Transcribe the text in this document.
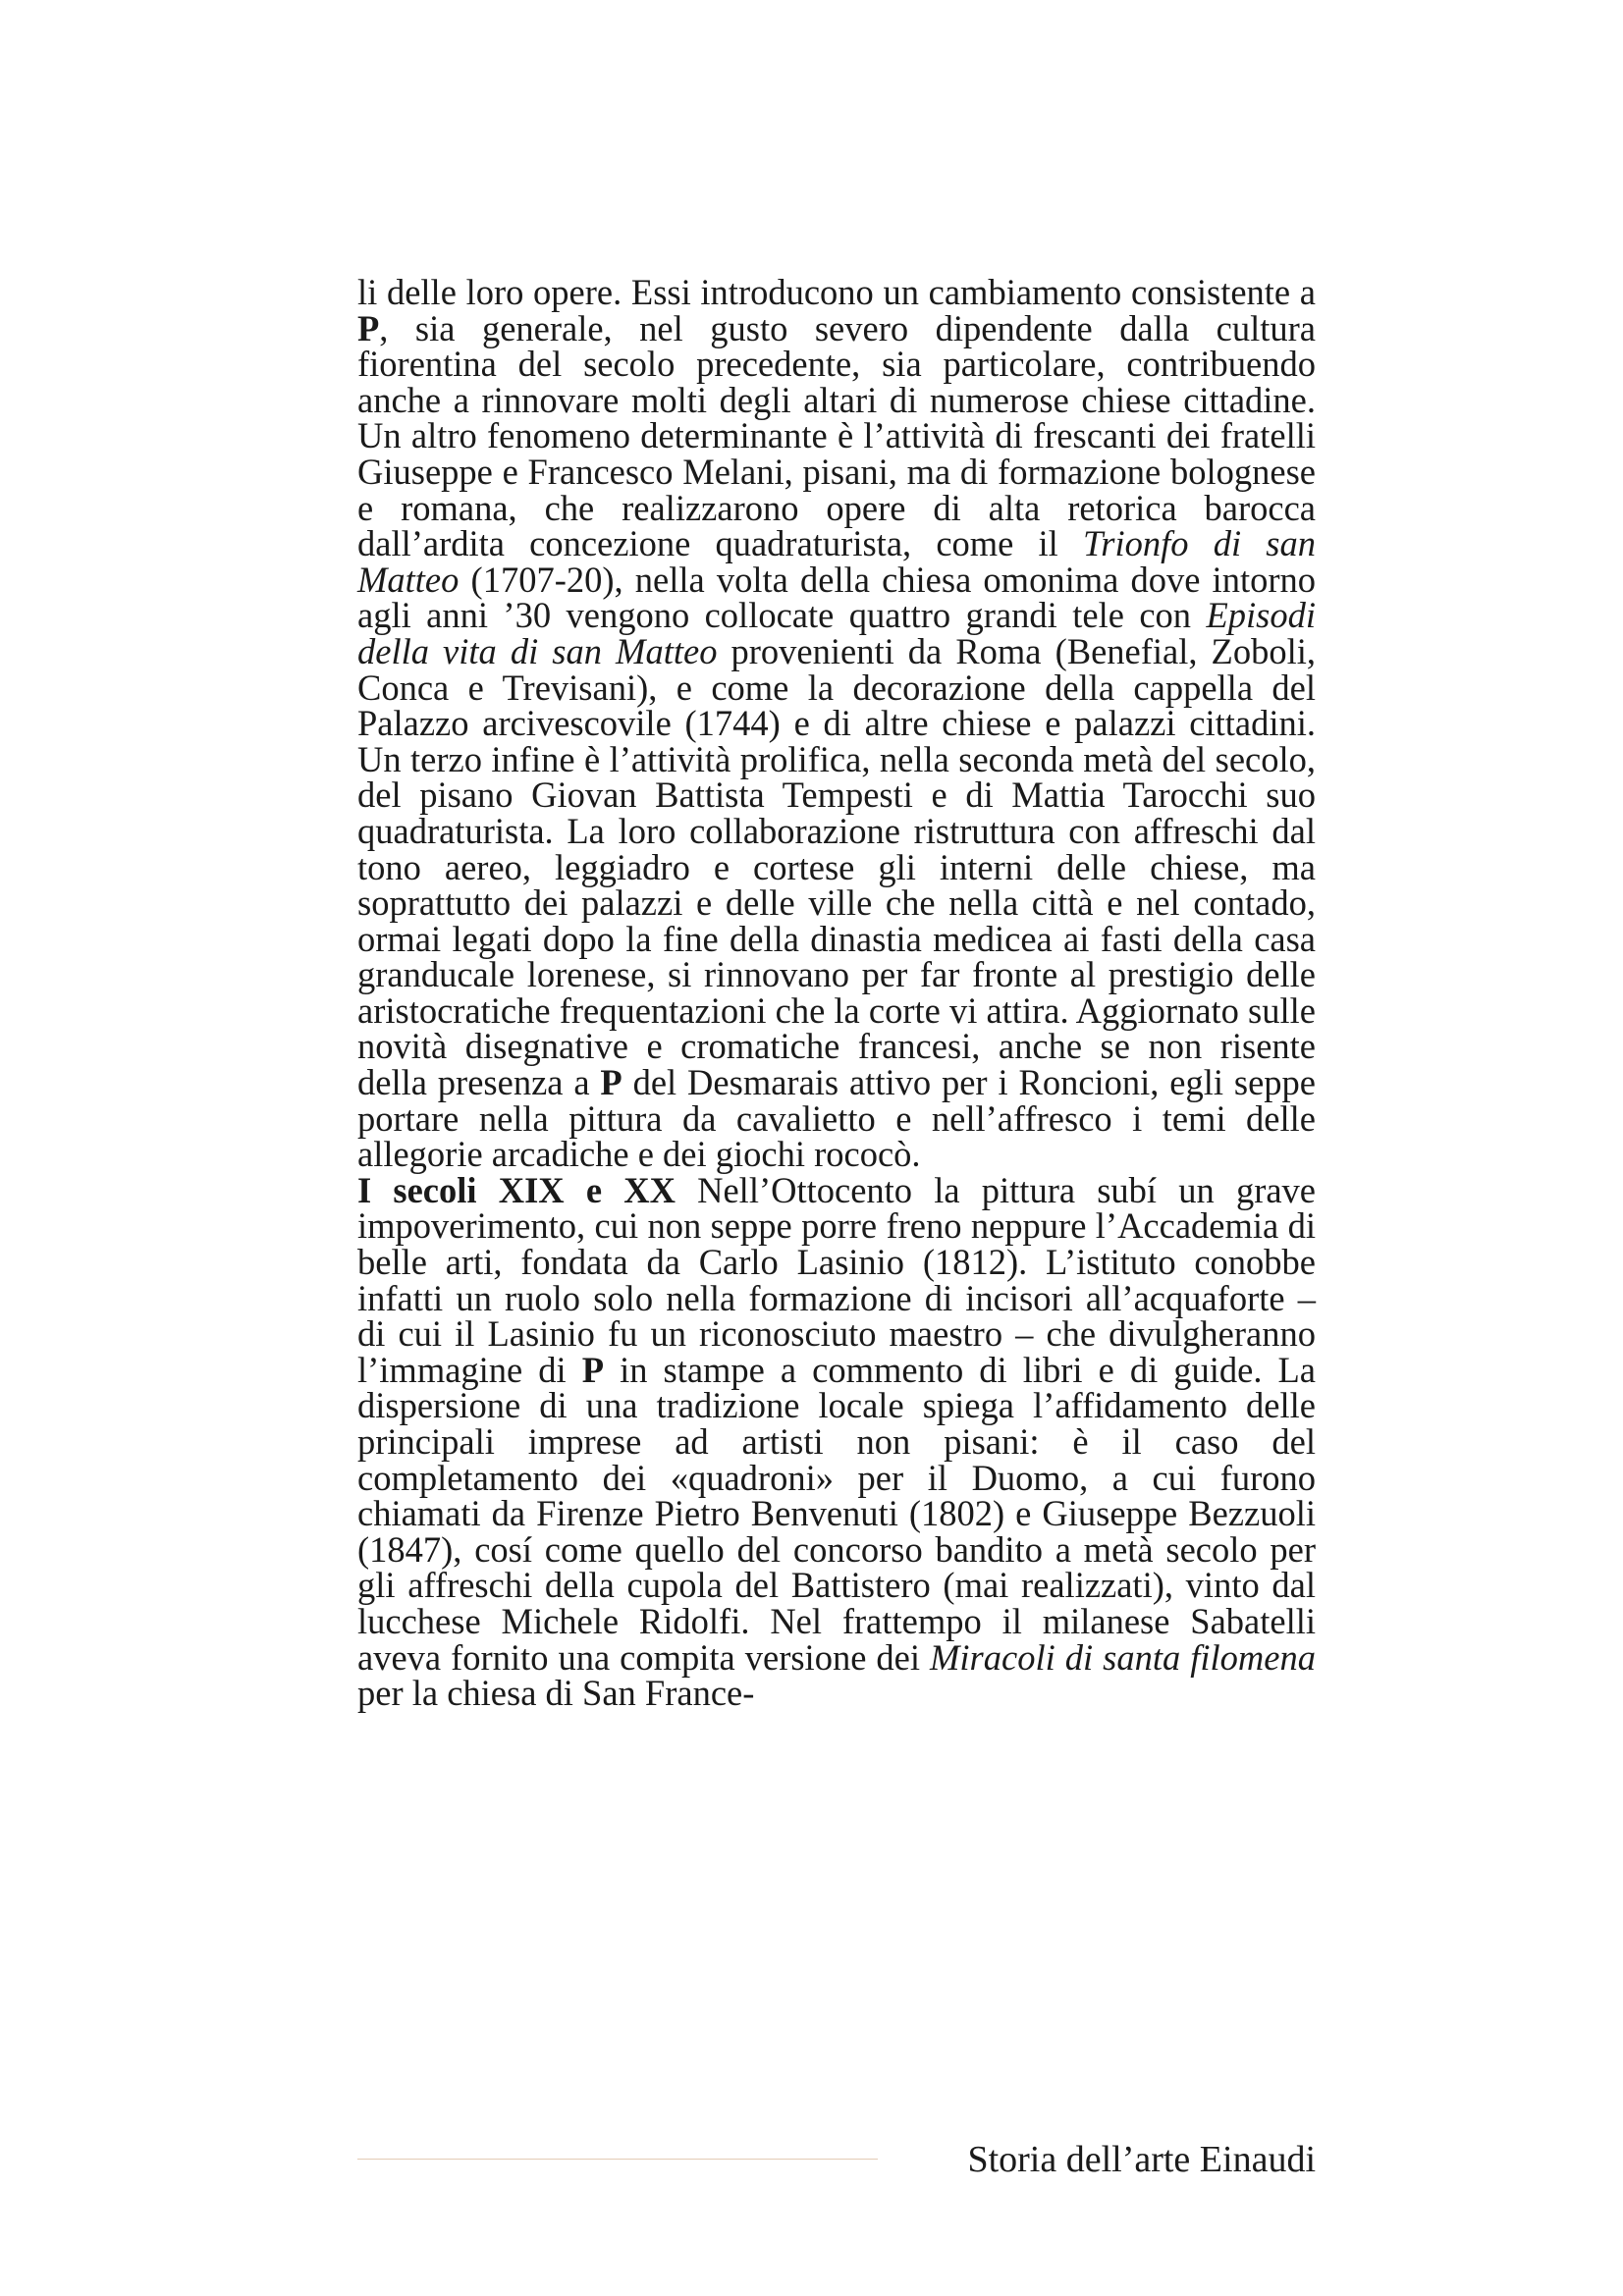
li delle loro opere. Essi introducono un cambiamento consistente a P, sia generale, nel gusto severo dipendente dalla cultura fiorentina del secolo precedente, sia particolare, contribuendo anche a rinnovare molti degli altari di numerose chiese cittadine. Un altro fenomeno determinante è l’attività di frescanti dei fratelli Giuseppe e Francesco Melani, pisani, ma di formazione bolognese e romana, che realizzarono opere di alta retorica barocca dall’ardita concezione quadraturista, come il Trionfo di san Matteo (1707-20), nella volta della chiesa omonima dove intorno agli anni ’30 vengono collocate quattro grandi tele con Episodi della vita di san Matteo provenienti da Roma (Benefial, Zoboli, Conca e Trevisani), e come la decorazione della cappella del Palazzo arcivescovile (1744) e di altre chiese e palazzi cittadini. Un terzo infine è l’attività prolifica, nella seconda metà del secolo, del pisano Giovan Battista Tempesti e di Mattia Tarocchi suo quadraturista. La loro collaborazione ristruttura con affreschi dal tono aereo, leggiadro e cortese gli interni delle chiese, ma soprattutto dei palazzi e delle ville che nella città e nel contado, ormai legati dopo la fine della dinastia medicea ai fasti della casa granducale lorenese, si rinnovano per far fronte al prestigio delle aristocratiche frequentazioni che la corte vi attira. Aggiornato sulle novità disegnative e cromatiche francesi, anche se non risente della presenza a P del Desmarais attivo per i Roncioni, egli seppe portare nella pittura da cavalietto e nell’affresco i temi delle allegorie arcadiche e dei giochi rococò.

I secoli XIX e XX Nell’Ottocento la pittura subí un grave impoverimento, cui non seppe porre freno neppure l’Accademia di belle arti, fondata da Carlo Lasinio (1812). L’istituto conobbe infatti un ruolo solo nella formazione di incisori all’acquaforte – di cui il Lasinio fu un riconosciuto maestro – che divulgheranno l’immagine di P in stampe a commento di libri e di guide. La dispersione di una tradizione locale spiega l’affidamento delle principali imprese ad artisti non pisani: è il caso del completamento dei «quadroni» per il Duomo, a cui furono chiamati da Firenze Pietro Benvenuti (1802) e Giuseppe Bezzuoli (1847), cosí come quello del concorso bandito a metà secolo per gli affreschi della cupola del Battistero (mai realizzati), vinto dal lucchese Michele Ridolfi. Nel frattempo il milanese Sabatelli aveva fornito una compita versione dei Miracoli di santa filomena per la chiesa di San France-

Storia dell’arte Einaudi
